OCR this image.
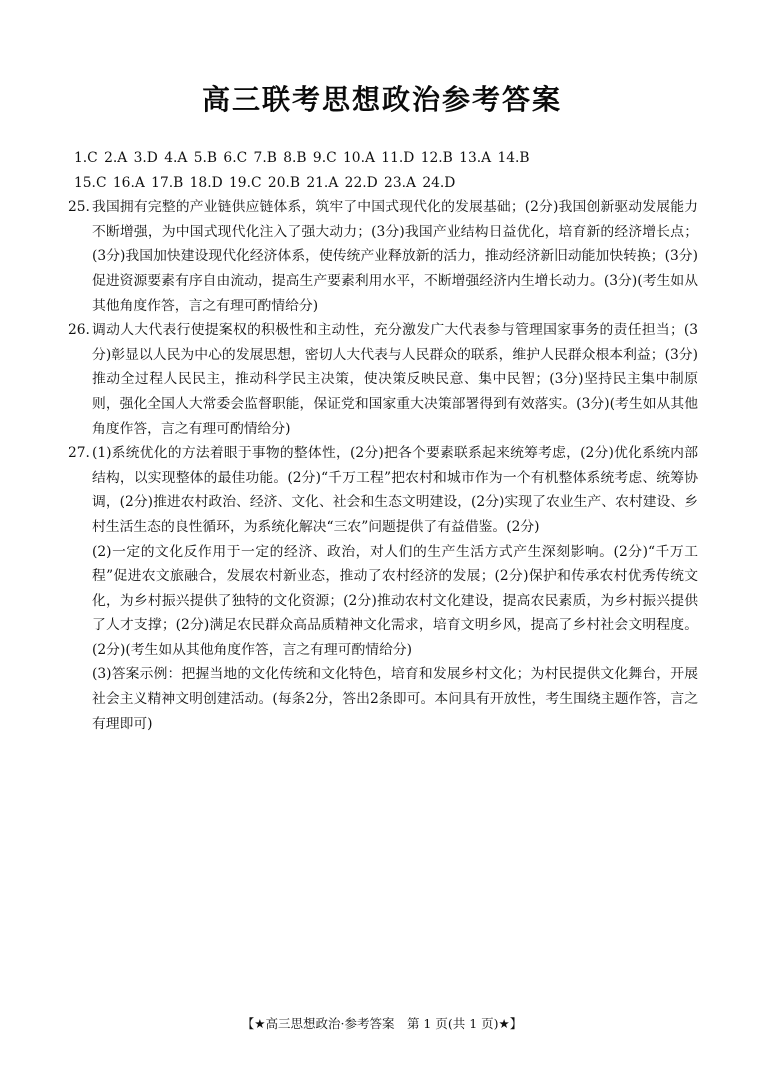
高三联考思想政治参考答案
1.C 2.A 3.D 4.A 5.B 6.C 7.B 8.B 9.C 10.A 11.D 12.B 13.A 14.B
15.C 16.A 17.B 18.D 19.C 20.B 21.A 22.D 23.A 24.D
25. 我国拥有完整的产业链供应链体系，筑牢了中国式现代化的发展基础；(2分)我国创新驱动发展能力不断增强，为中国式现代化注入了强大动力；(3分)我国产业结构日益优化，培育新的经济增长点；(3分)我国加快建设现代化经济体系，使传统产业释放新的活力，推动经济新旧动能加快转换；(3分)促进资源要素有序自由流动，提高生产要素利用水平，不断增强经济内生增长动力。(3分)(考生如从其他角度作答，言之有理可酌情给分)

26. 调动人大代表行使提案权的积极性和主动性，充分激发广大代表参与管理国家事务的责任担当；(3分)彰显以人民为中心的发展思想，密切人大代表与人民群众的联系，维护人民群众根本利益；(3分)推动全过程人民民主，推动科学民主决策，使决策反映民意、集中民智；(3分)坚持民主集中制原则，强化全国人大常委会监督职能，保证党和国家重大决策部署得到有效落实。(3分)(考生如从其他角度作答，言之有理可酌情给分)

27. (1)系统优化的方法着眼于事物的整体性，(2分)把各个要素联系起来统筹考虑，(2分)优化系统内部结构，以实现整体的最佳功能。(2分)“千万工程”把农村和城市作为一个有机整体系统考虑、统筹协调，(2分)推进农村政治、经济、文化、社会和生态文明建设，(2分)实现了农业生产、农村建设、乡村生活生态的良性循环，为系统化解决“三农”问题提供了有益借鉴。(2分)

(2)一定的文化反作用于一定的经济、政治，对人们的生产生活方式产生深刻影响。(2分)“千万工程”促进农文旅融合，发展农村新业态，推动了农村经济的发展；(2分)保护和传承农村优秀传统文化，为乡村振兴提供了独特的文化资源；(2分)推动农村文化建设，提高农民素质，为乡村振兴提供了人才支撑；(2分)满足农民群众高品质精神文化需求，培育文明乡风，提高了乡村社会文明程度。(2分)(考生如从其他角度作答，言之有理可酌情给分)

(3)答案示例：把握当地的文化传统和文化特色，培育和发展乡村文化；为村民提供文化舞台，开展社会主义精神文明创建活动。(每条2分，答出2条即可。本问具有开放性，考生围绕主题作答，言之有理即可)

【★高三思想政治·参考答案　第 1 页(共 1 页)★】
